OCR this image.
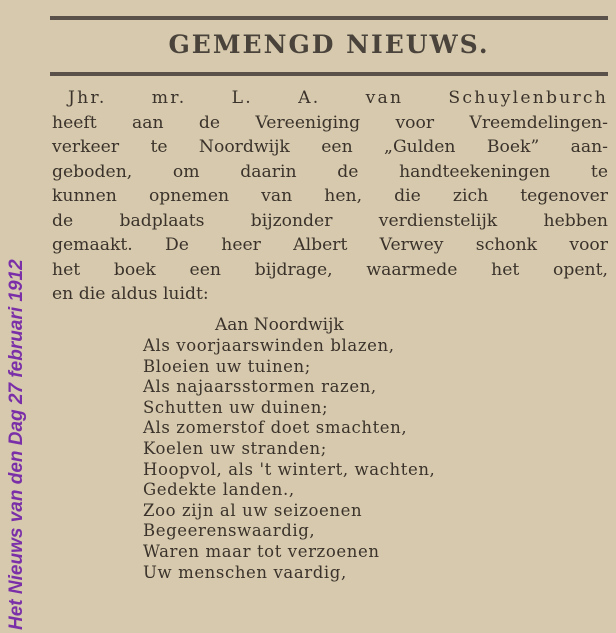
Het Nieuws van den Dag 27 februari 1912
GEMENGD NIEUWS.
Jhr. mr. L. A. van Schuylenburch
heeft aan de Vereeniging voor Vreemdelingen-
verkeer te Noordwijk een „Gulden Boek” aan-
geboden, om daarin de handteekeningen te
kunnen opnemen van hen, die zich tegenover
de badplaats bijzonder verdienstelijk hebben
gemaakt. De heer Albert Verwey schonk voor
het boek een bijdrage, waarmede het opent,
en die aldus luidt:
Aan Noordwijk
Als voorjaarswinden blazen,
Bloeien uw tuinen;
Als najaarsstormen razen,
Schutten uw duinen;
Als zomerstof doet smachten,
Koelen uw stranden;
Hoopvol, als 't wintert, wachten,
Gedekte landen.,
Zoo zijn al uw seizoenen
Begeerenswaardig,
Waren maar tot verzoenen
Uw menschen vaardig,
